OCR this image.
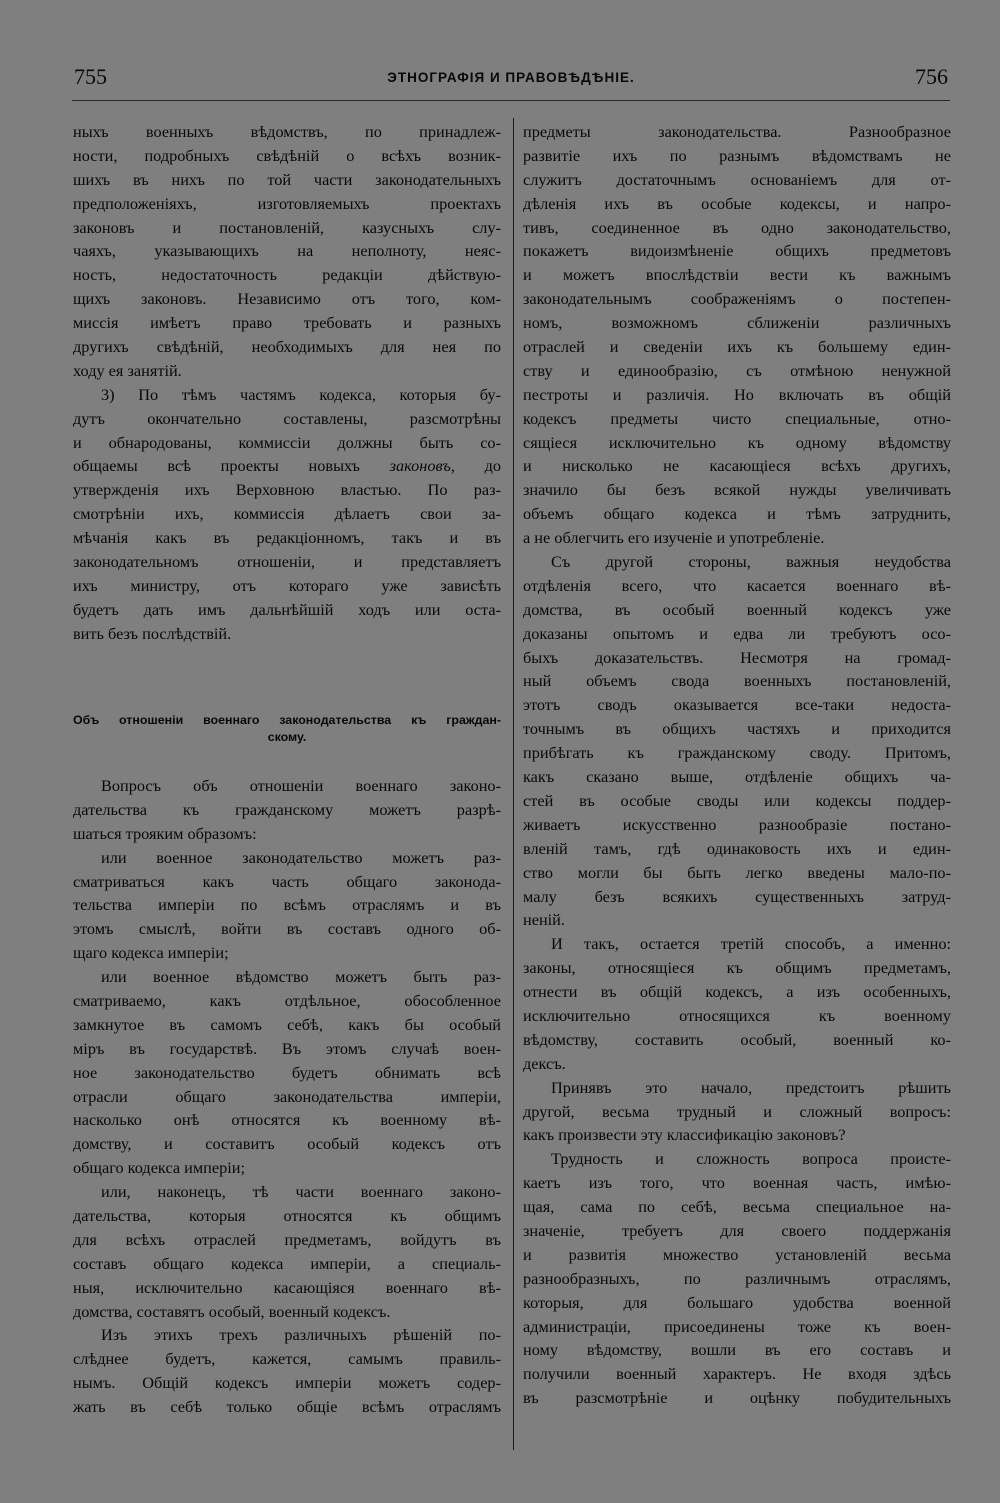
755	ЭТНОГРАФІЯ И ПРАВОВѢДѢНІЕ.	756
ныхъ военныхъ вѣдомствъ, по принадлеж-
ности, подробныхъ свѣдѣній о всѣхъ возник-
шихъ въ нихъ по той части законодательныхъ
предположеніяхъ, изготовляемыхъ проектахъ
законовъ и постановленій, казусныхъ слу-
чаяхъ, указывающихъ на неполноту, неяс-
ность, недостаточность редакціи дѣйствую-
щихъ законовъ. Независимо отъ того, ком-
миссія имѣетъ право требовать и разныхъ
другихъ свѣдѣній, необходимыхъ для нея по
ходу ея занятій.
3) По тѣмъ частямъ кодекса, которыя бу-
дутъ окончательно составлены, разсмотрѣны
и обнародованы, коммиссіи должны быть со-
общаемы всѣ проекты новыхъ законовъ, до
утвержденія ихъ Верховною властью. По раз-
смотрѣніи ихъ, коммиссія дѣлаетъ свои за-
мѣчанія какъ въ редакціонномъ, такъ и въ
законодательномъ отношеніи, и представляетъ
ихъ министру, отъ котораго уже зависѣть
будетъ дать имъ дальнѣйшій ходъ или оста-
вить безъ послѣдствій.
Объ отношеніи военнаго законодательства къ граждан-
скому.
Вопросъ объ отношеніи военнаго законо-
дательства къ гражданскому можетъ разрѣ-
шаться трояким образомъ:
или военное законодательство можетъ раз-
сматриваться какъ часть общаго законода-
тельства имперіи по всѣмъ отраслямъ и въ
этомъ смыслѣ, войти въ составъ одного об-
щаго кодекса имперіи;
или военное вѣдомство можетъ быть раз-
сматриваемо, какъ отдѣльное, обособленное
замкнутое въ самомъ себѣ, какъ бы особый
міръ въ государствѣ. Въ этомъ случаѣ воен-
ное законодательство будетъ обнимать всѣ
отрасли общаго законодательства имперіи,
насколько онѣ относятся къ военному вѣ-
домству, и составитъ особый кодексъ отъ
общаго кодекса имперіи;
или, наконецъ, тѣ части военнаго законо-
дательства, которыя относятся къ общимъ
для всѣхъ отраслей предметамъ, войдутъ въ
составъ общаго кодекса имперіи, а специаль-
ныя, исключительно касающіяся военнаго вѣ-
домства, составятъ особый, военный кодексъ.
Изъ этихъ трехъ различныхъ рѣшеній по-
слѣднее будетъ, кажется, самымъ правиль-
нымъ. Общій кодексъ имперіи можетъ содер-
жать въ себѣ только общіе всѣмъ отраслямъ
предметы законодательства. Разнообразное
развитіе ихъ по разнымъ вѣдомствамъ не
служитъ достаточнымъ основаніемъ для от-
дѣленія ихъ въ особые кодексы, и напро-
тивъ, соединенное въ одно законодательство,
покажетъ видоизмѣненіе общихъ предметовъ
и можетъ впослѣдствіи вести къ важнымъ
законодательнымъ соображеніямъ о постепен-
номъ, возможномъ сближеніи различныхъ
отраслей и сведеніи ихъ къ большему един-
ству и единообразію, съ отмѣною ненужной
пестроты и различія. Но включать въ общій
кодексъ предметы чисто специальные, отно-
сящіеся исключительно къ одному вѣдомству
и нисколько не касающіеся всѣхъ другихъ,
значило бы безъ всякой нужды увеличивать
объемъ общаго кодекса и тѣмъ затруднить,
а не облегчить его изученіе и употребленіе.
Съ другой стороны, важныя неудобства
отдѣленія всего, что касается военнаго вѣ-
домства, въ особый военный кодексъ уже
доказаны опытомъ и едва ли требуютъ осо-
быхъ доказательствъ. Несмотря на громад-
ный объемъ свода военныхъ постановленій,
этотъ сводъ оказывается все-таки недоста-
точнымъ въ общихъ частяхъ и приходится
прибѣгать къ гражданскому своду. Притомъ,
какъ сказано выше, отдѣленіе общихъ ча-
стей въ особые своды или кодексы поддер-
живаетъ искусственно разнообразіе постано-
вленій тамъ, гдѣ одинаковость ихъ и един-
ство могли бы быть легко введены мало-по-
малу безъ всякихъ существенныхъ затруд-
неній.
И такъ, остается третій способъ, а именно:
законы, относящіеся къ общимъ предметамъ,
отнести въ общій кодексъ, а изъ особенныхъ,
исключительно относящихся къ военному
вѣдомству, составить особый, военный ко-
дексъ.
Принявъ это начало, предстоитъ рѣшить
другой, весьма трудный и сложный вопросъ:
какъ произвести эту классификацію законовъ?
Трудность и сложность вопроса происте-
каетъ изъ того, что военная часть, имѣю-
щая, сама по себѣ, весьма специальное на-
значеніе, требуетъ для своего поддержанія
и развитія множество установленій весьма
разнообразныхъ, по различнымъ отраслямъ,
которыя, для большаго удобства военной
администраціи, присоединены тоже къ воен-
ному вѣдомству, вошли въ его составъ и
получили военный характеръ. Не входя здѣсь
въ разсмотрѣніе и оцѣнку побудительныхъ
